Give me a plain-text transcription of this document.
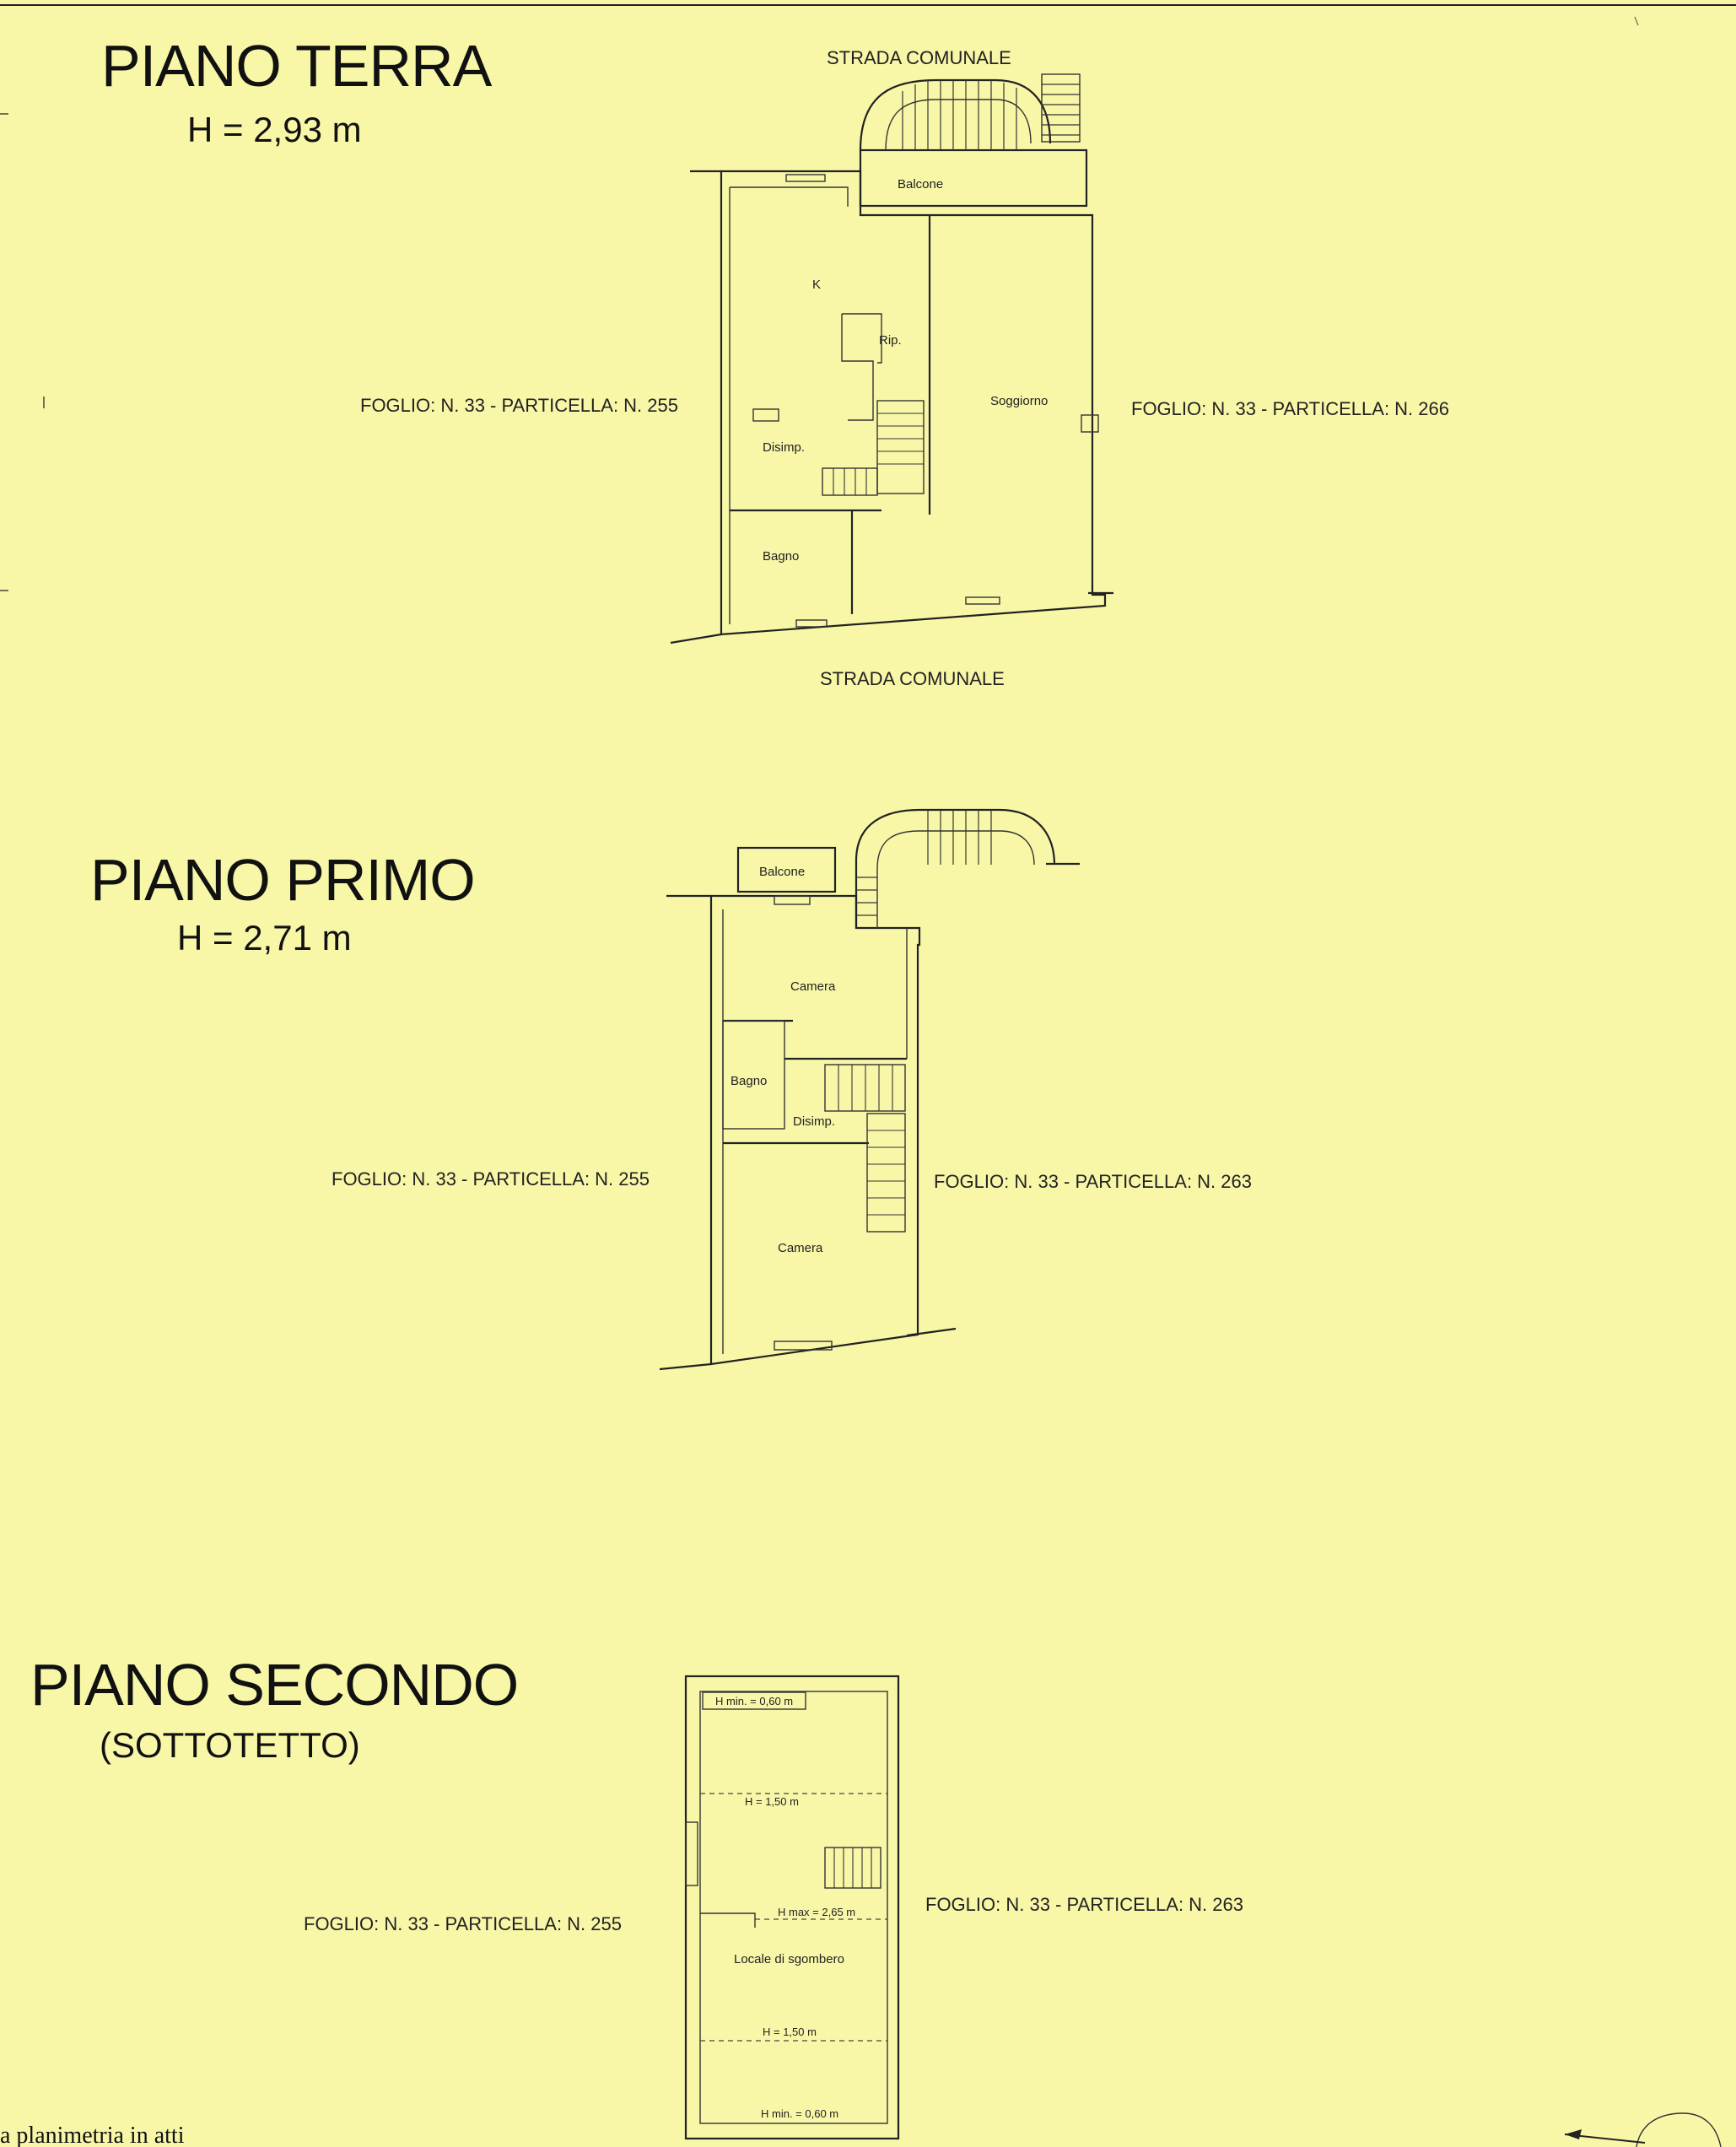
PIANO TERRA
H = 2,93 m
STRADA COMUNALE
STRADA COMUNALE
FOGLIO: N. 33 - PARTICELLA: N. 255	FOGLIO: N. 33 - PARTICELLA: N. 266
Balcone
K
Rip.
Soggiorno
Disimp.
Bagno
PIANO PRIMO
H = 2,71 m
FOGLIO: N. 33 - PARTICELLA: N. 255	FOGLIO: N. 33 - PARTICELLA: N. 263
Balcone
Camera
Bagno
Disimp.
Camera
PIANO SECONDO
(SOTTOTETTO)
FOGLIO: N. 33 - PARTICELLA: N. 255
FOGLIO: N. 33 - PARTICELLA: N. 263
H min. = 0,60 m
H = 1,50 m
H max = 2,65 m
Locale di sgombero
H = 1,50 m
H min. = 0,60 m
a planimetria in atti
